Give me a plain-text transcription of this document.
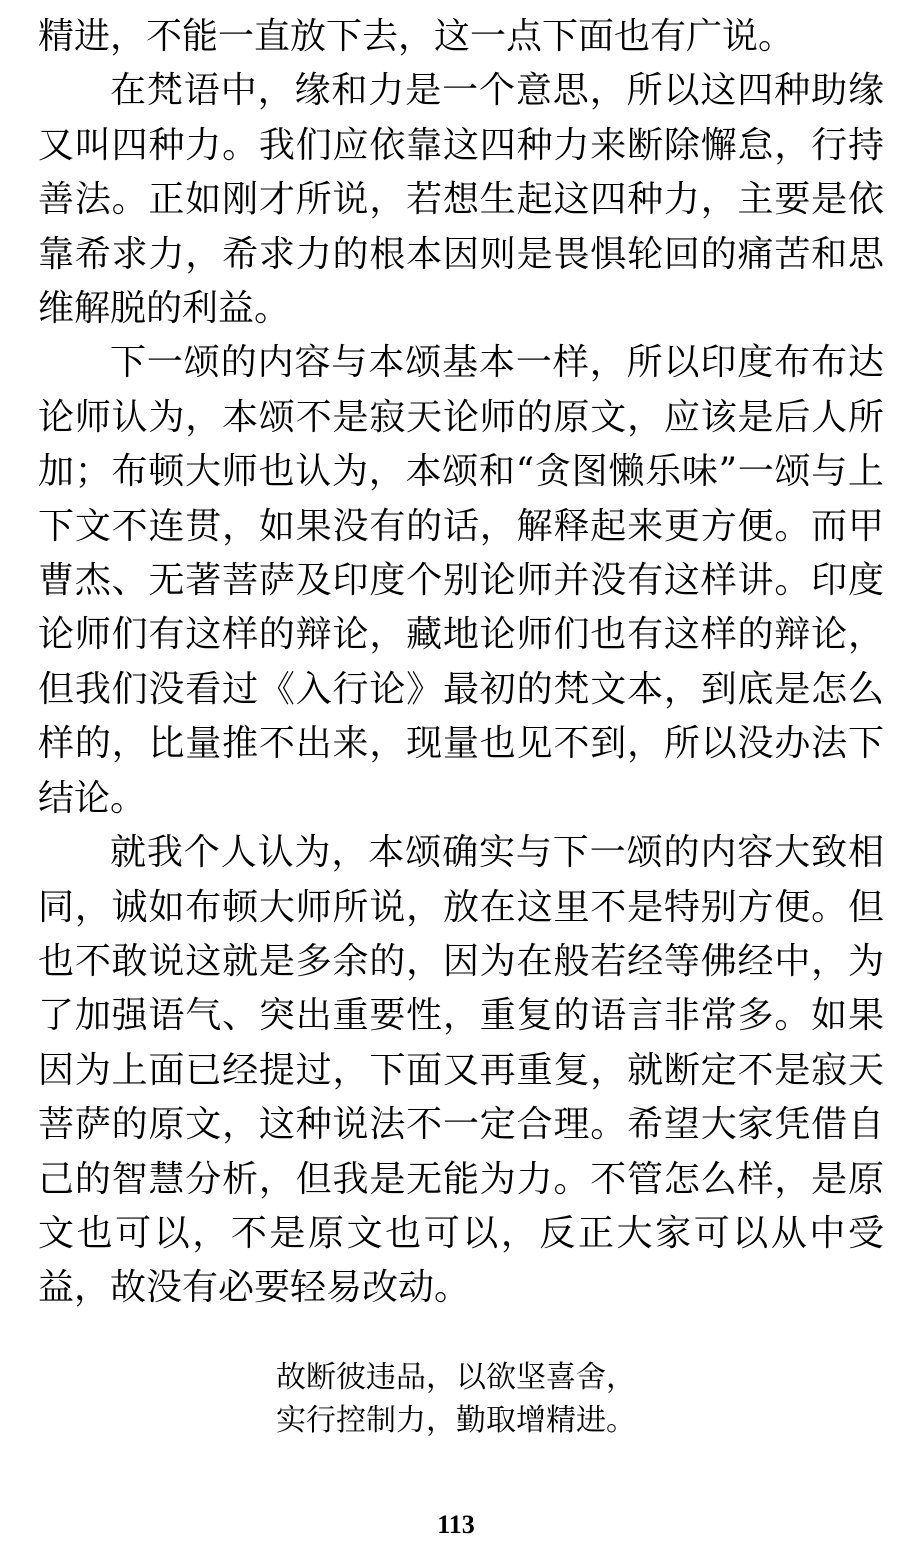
精进，不能一直放下去，这一点下面也有广说。

在梵语中，缘和力是一个意思，所以这四种助缘又叫四种力。我们应依靠这四种力来断除懈怠，行持善法。正如刚才所说，若想生起这四种力，主要是依靠希求力，希求力的根本因则是畏惧轮回的痛苦和思维解脱的利益。

下一颂的内容与本颂基本一样，所以印度布布达论师认为，本颂不是寂天论师的原文，应该是后人所加；布顿大师也认为，本颂和“贪图懒乐味”一颂与上下文不连贯，如果没有的话，解释起来更方便。而甲曹杰、无著菩萨及印度个别论师并没有这样讲。印度论师们有这样的辩论，藏地论师们也有这样的辩论，但我们没看过《入行论》最初的梵文本，到底是怎么样的，比量推不出来，现量也见不到，所以没办法下结论。

就我个人认为，本颂确实与下一颂的内容大致相同，诚如布顿大师所说，放在这里不是特别方便。但也不敢说这就是多余的，因为在般若经等佛经中，为了加强语气、突出重要性，重复的语言非常多。如果因为上面已经提过，下面又再重复，就断定不是寂天菩萨的原文，这种说法不一定合理。希望大家凭借自己的智慧分析，但我是无能为力。不管怎么样，是原文也可以，不是原文也可以，反正大家可以从中受益，故没有必要轻易改动。

故断彼违品，以欲坚喜舍，
实行控制力，勤取增精进。
113
